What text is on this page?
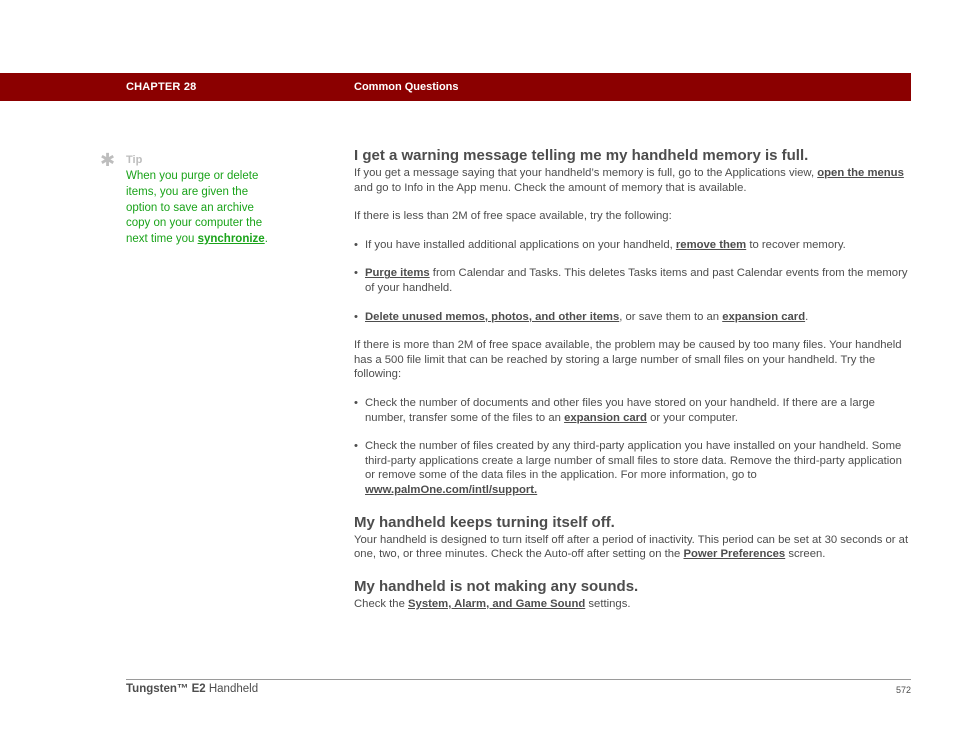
CHAPTER 28	Common Questions
✱ Tip
When you purge or delete items, you are given the option to save an archive copy on your computer the next time you synchronize.
I get a warning message telling me my handheld memory is full.

If you get a message saying that your handheld’s memory is full, go to the Applications view, open the menus and go to Info in the App menu. Check the amount of memory that is available.

If there is less than 2M of free space available, try the following:

• If you have installed additional applications on your handheld, remove them to recover memory.
• Purge items from Calendar and Tasks. This deletes Tasks items and past Calendar events from the memory of your handheld.
• Delete unused memos, photos, and other items, or save them to an expansion card.

If there is more than 2M of free space available, the problem may be caused by too many files. Your handheld has a 500 file limit that can be reached by storing a large number of small files on your handheld. Try the following:

• Check the number of documents and other files you have stored on your handheld. If there are a large number, transfer some of the files to an expansion card or your computer.
• Check the number of files created by any third-party application you have installed on your handheld. Some third-party applications create a large number of small files to store data. Remove the third-party application or remove some of the data files in the application. For more information, go to www.palmOne.com/intl/support.
My handheld keeps turning itself off.

Your handheld is designed to turn itself off after a period of inactivity. This period can be set at 30 seconds or at one, two, or three minutes. Check the Auto-off after setting on the Power Preferences screen.

My handheld is not making any sounds.

Check the System, Alarm, and Game Sound settings.

Tungsten™ E2 Handheld	572
